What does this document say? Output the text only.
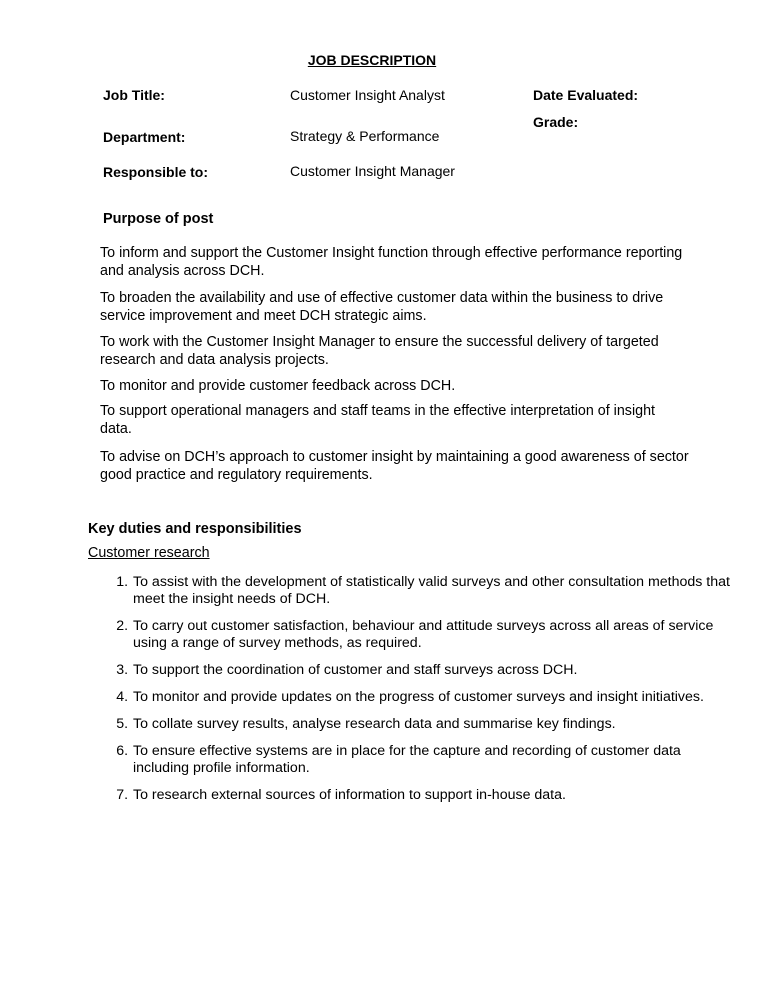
JOB DESCRIPTION
Job Title:	Customer Insight Analyst	Date Evaluated:
Grade:
Department:	Strategy & Performance
Responsible to:	Customer Insight Manager
Purpose of post

To inform and support the Customer Insight function through effective performance reporting and analysis across DCH.

To broaden the availability and use of effective customer data within the business to drive service improvement and meet DCH strategic aims.

To work with the Customer Insight Manager to ensure the successful delivery of targeted research and data analysis projects.

To monitor and provide customer feedback across DCH.

To support operational managers and staff teams in the effective interpretation of insight data.

To advise on DCH’s approach to customer insight by maintaining a good awareness of sector good practice and regulatory requirements.

Key duties and responsibilities
Customer research
1. To assist with the development of statistically valid surveys and other consultation methods that meet the insight needs of DCH.
2. To carry out customer satisfaction, behaviour and attitude surveys across all areas of service using a range of survey methods, as required.
3. To support the coordination of customer and staff surveys across DCH.
4. To monitor and provide updates on the progress of customer surveys and insight initiatives.
5. To collate survey results, analyse research data and summarise key findings.
6. To ensure effective systems are in place for the capture and recording of customer data including profile information.
7. To research external sources of information to support in-house data.
